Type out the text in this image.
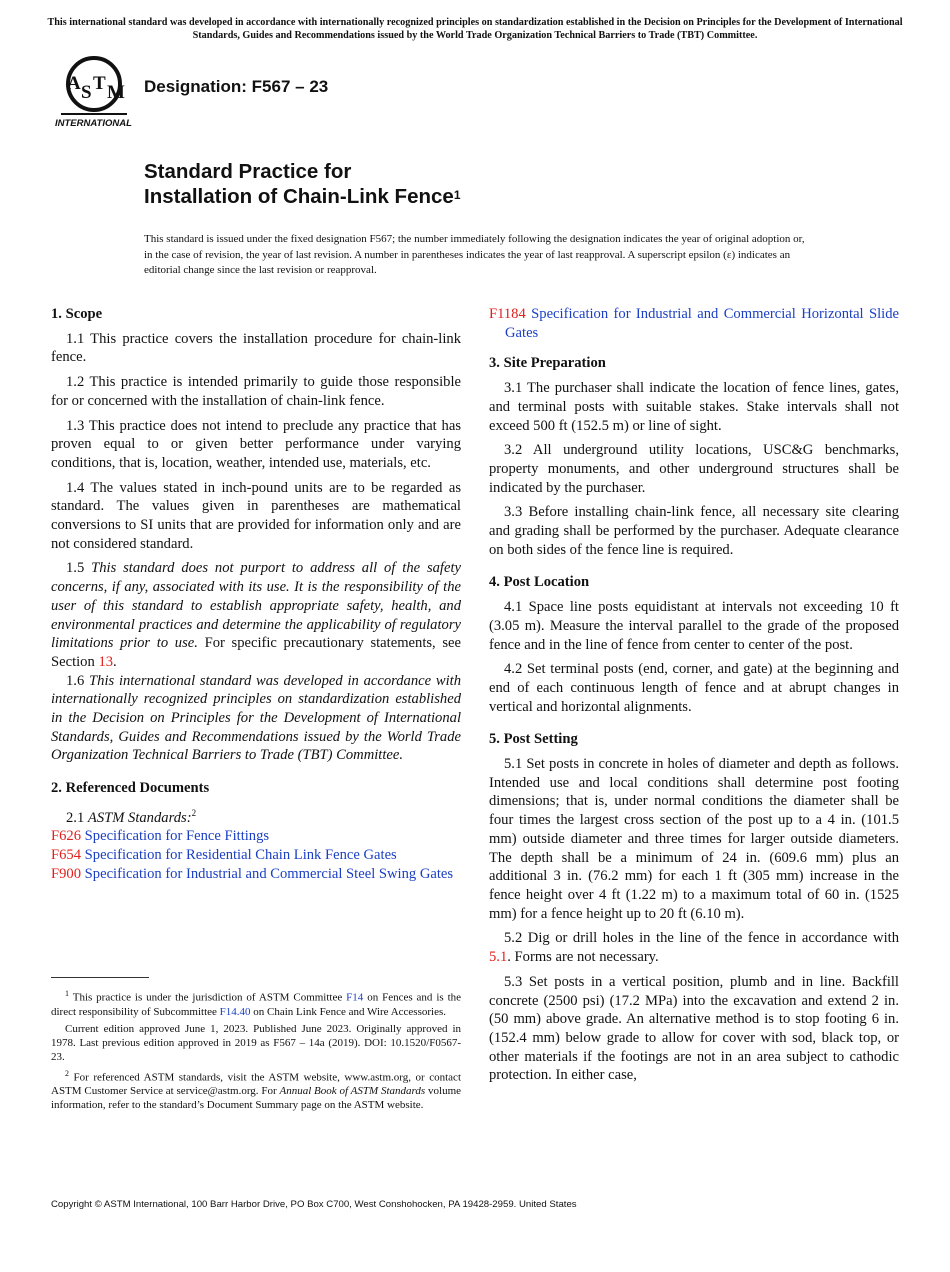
This international standard was developed in accordance with internationally recognized principles on standardization established in the Decision on Principles for the Development of International Standards, Guides and Recommendations issued by the World Trade Organization Technical Barriers to Trade (TBT) Committee.
A S T M
INTERNATIONAL
Designation: F567 – 23
Standard Practice for
Installation of Chain-Link Fence$^1$
This standard is issued under the fixed designation F567; the number immediately following the designation indicates the year of original adoption or, in the case of revision, the year of last revision. A number in parentheses indicates the year of last reapproval. A superscript epsilon (ε) indicates an editorial change since the last revision or reapproval.
1. Scope
1.1 This practice covers the installation procedure for chain-link fence.
1.2 This practice is intended primarily to guide those responsible for or concerned with the installation of chain-link fence.
1.3 This practice does not intend to preclude any practice that has proven equal to or given better performance under varying conditions, that is, location, weather, intended use, materials, etc.
1.4 The values stated in inch-pound units are to be regarded as standard. The values given in parentheses are mathematical conversions to SI units that are provided for information only and are not considered standard.
1.5 This standard does not purport to address all of the safety concerns, if any, associated with its use. It is the responsibility of the user of this standard to establish appropriate safety, health, and environmental practices and determine the applicability of regulatory limitations prior to use. For specific precautionary statements, see Section 13.
1.6 This international standard was developed in accordance with internationally recognized principles on standardization established in the Decision on Principles for the Development of International Standards, Guides and Recommendations issued by the World Trade Organization Technical Barriers to Trade (TBT) Committee.
2. Referenced Documents
2.1 ASTM Standards:$^2$
F626 Specification for Fence Fittings
F654 Specification for Residential Chain Link Fence Gates
F900 Specification for Industrial and Commercial Steel Swing Gates
F1184 Specification for Industrial and Commercial Horizontal Slide Gates
3. Site Preparation
3.1 The purchaser shall indicate the location of fence lines, gates, and terminal posts with suitable stakes. Stake intervals shall not exceed 500 ft (152.5 m) or line of sight.
3.2 All underground utility locations, USC&G benchmarks, property monuments, and other underground structures shall be indicated by the purchaser.
3.3 Before installing chain-link fence, all necessary site clearing and grading shall be performed by the purchaser. Adequate clearance on both sides of the fence line is required.
4. Post Location
4.1 Space line posts equidistant at intervals not exceeding 10 ft (3.05 m). Measure the interval parallel to the grade of the proposed fence and in the line of fence from center to center of the post.
4.2 Set terminal posts (end, corner, and gate) at the beginning and end of each continuous length of fence and at abrupt changes in vertical and horizontal alignments.
5. Post Setting
5.1 Set posts in concrete in holes of diameter and depth as follows. Intended use and local conditions shall determine post footing dimensions; that is, under normal conditions the diameter shall be four times the largest cross section of the post up to a 4 in. (101.5 mm) outside diameter and three times for larger outside diameters. The depth shall be a minimum of 24 in. (609.6 mm) plus an additional 3 in. (76.2 mm) for each 1 ft (305 mm) increase in the fence height over 4 ft (1.22 m) to a maximum total of 60 in. (1525 mm) for a fence height up to 20 ft (6.10 m).
5.2 Dig or drill holes in the line of the fence in accordance with 5.1. Forms are not necessary.
5.3 Set posts in a vertical position, plumb and in line. Backfill concrete (2500 psi) (17.2 MPa) into the excavation and extend 2 in. (50 mm) above grade. An alternative method is to stop footing 6 in. (152.4 mm) below grade to allow for cover with sod, black top, or other materials if the footings are not in an area subject to cathodic protection. In either case,

$^1$ This practice is under the jurisdiction of ASTM Committee F14 on Fences and is the direct responsibility of Subcommittee F14.40 on Chain Link Fence and Wire Accessories.

Current edition approved June 1, 2023. Published June 2023. Originally approved in 1978. Last previous edition approved in 2019 as F567 – 14a (2019). DOI: 10.1520/F0567-23.

$^2$ For referenced ASTM standards, visit the ASTM website, www.astm.org, or contact ASTM Customer Service at service@astm.org. For Annual Book of ASTM Standards volume information, refer to the standard’s Document Summary page on the ASTM website.

Copyright © ASTM International, 100 Barr Harbor Drive, PO Box C700, West Conshohocken, PA 19428-2959. United States
